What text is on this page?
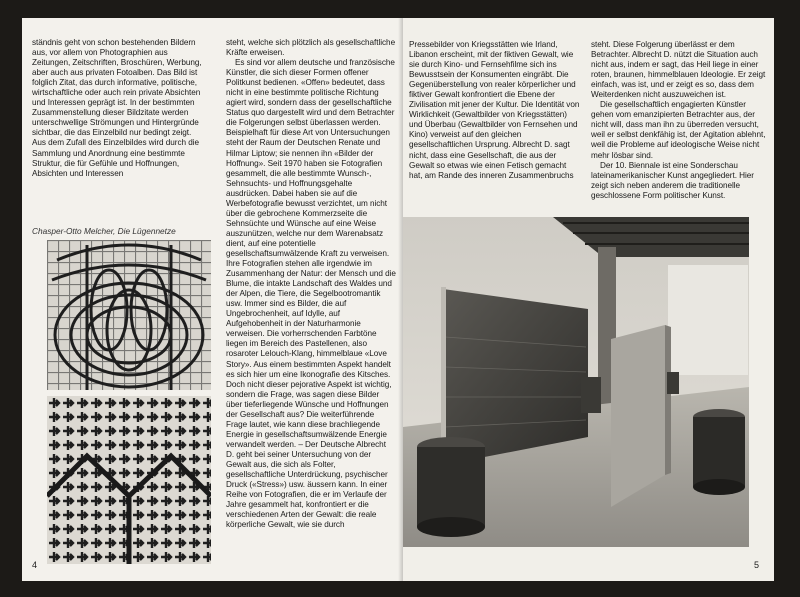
ständnis geht von schon bestehenden Bildern aus, vor allem von Photographien aus Zeitungen, Zeitschriften, Broschüren, Werbung, aber auch aus privaten Fotoalben. Das Bild ist folglich Zitat, das durch informative, politische, wirtschaftliche oder auch rein private Absichten und Interessen geprägt ist. In der bestimmten Zusammenstellung dieser Bildzitate werden unterschwellige Strömungen und Hintergründe sichtbar, die das Einzelbild nur bedingt zeigt. Aus dem Zufall des Einzelbildes wird durch die Sammlung und Anordnung eine bestimmte Struktur, die für Gefühle und Hoffnungen, Absichten und Interessen

Chasper-Otto Melcher, Die Lügennetze

steht, welche sich plötzlich als gesellschaftliche Kräfte erweisen.

Es sind vor allem deutsche und französische Künstler, die sich dieser Formen offener Politkunst bedienen. «Offen» bedeutet, dass nicht in eine bestimmte politische Richtung agiert wird, sondern dass der gesellschaftliche Status quo dargestellt wird und dem Betrachter die Folgerungen selbst überlassen werden. Beispielhaft für diese Art von Untersuchungen steht der Raum der Deutschen Renate und Hilmar Liptow; sie nennen ihn «Bilder der Hoffnung». Seit 1970 haben sie Fotografien gesammelt, die alle bestimmte Wunsch-, Sehnsuchts- und Hoffnungsgehalte ausdrücken. Dabei haben sie auf die Werbefotografie bewusst verzichtet, um nicht über die gebrochene Kommerzseite die Sehnsüchte und Wünsche auf eine Weise auszunützen, welche nur dem Warenabsatz dient, auf eine potentielle gesellschaftsumwälzende Kraft zu verweisen. Ihre Fotografien stehen alle irgendwie im Zusammenhang der Natur: der Mensch und die Blume, die intakte Landschaft des Waldes und der Alpen, die Tiere, die Segelbootromantik usw. Immer sind es Bilder, die auf Ungebrochenheit, auf Idylle, auf Aufgehobenheit in der Naturharmonie verweisen. Die vorherrschenden Farbtöne liegen im Bereich des Pastellenen, also rosaroter Lelouch-Klang, himmelblaue «Love Story». Aus einem bestimmten Aspekt handelt es sich hier um eine Ikonografie des Kitsches. Doch nicht dieser pejorative Aspekt ist wichtig, sondern die Frage, was sagen diese Bilder über tieferliegende Wünsche und Hoffnungen der Gesellschaft aus? Die weiterführende Frage lautet, wie kann diese brachliegende Energie in gesellschaftsumwälzende Energie verwandelt werden. – Der Deutsche Albrecht D. geht bei seiner Untersuchung von der Gewalt aus, die sich als Folter, gesellschaftliche Unterdrückung, psychischer Druck («Stress») usw. äussern kann. In einer Reihe von Fotografien, die er im Verlaufe der Jahre gesammelt hat, konfrontiert er die verschiedenen Arten der Gewalt: die reale körperliche Gewalt, wie sie durch

4

Pressebilder von Kriegsstätten wie Irland, Libanon erscheint, mit der fiktiven Gewalt, wie sie durch Kino- und Fernsehfilme sich ins Bewusstsein der Konsumenten eingräbt. Die Gegenüberstellung von realer körperlicher und fiktiver Gewalt konfrontiert die Ebene der Zivilisation mit jener der Kultur. Die Identität von Wirklichkeit (Gewaltbilder von Kriegsstätten) und Überbau (Gewaltbilder von Fernsehen und Kino) verweist auf den gleichen gesellschaftlichen Ursprung. Albrecht D. sagt nicht, dass eine Gesellschaft, die aus der Gewalt so etwas wie einen Fetisch gemacht hat, am Rande des inneren Zusammenbruchs

steht. Diese Folgerung überlässt er dem Betrachter. Albrecht D. nützt die Situation auch nicht aus, indem er sagt, das Heil liege in einer roten, braunen, himmelblauen Ideologie. Er zeigt einfach, was ist, und er zeigt es so, dass dem Weiterdenken nicht auszuweichen ist.

Die gesellschaftlich engagierten Künstler gehen vom emanzipierten Betrachter aus, der nicht will, dass man ihn zu überreden versucht, weil er selbst denkfähig ist, der Agitation ablehnt, weil die Probleme auf ideologische Weise nicht mehr lösbar sind.

Der 10. Biennale ist eine Sonderschau lateinamerikanischer Kunst angegliedert. Hier zeigt sich neben anderem die traditionelle geschlossene Form politischer Kunst.

5
